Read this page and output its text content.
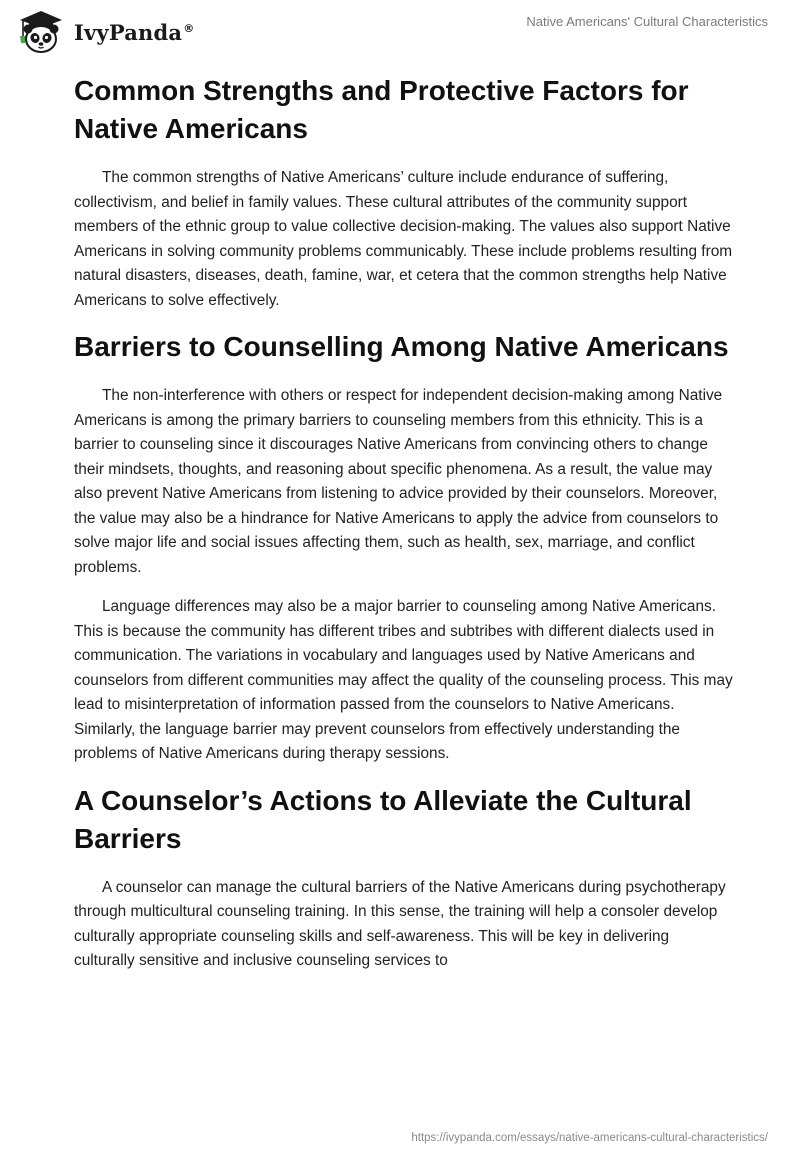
IvyPanda®	Native Americans' Cultural Characteristics
Common Strengths and Protective Factors for Native Americans

The common strengths of Native Americans’ culture include endurance of suffering, collectivism, and belief in family values. These cultural attributes of the community support members of the ethnic group to value collective decision-making. The values also support Native Americans in solving community problems communicably. These include problems resulting from natural disasters, diseases, death, famine, war, et cetera that the common strengths help Native Americans to solve effectively.

Barriers to Counselling Among Native Americans

The non-interference with others or respect for independent decision-making among Native Americans is among the primary barriers to counseling members from this ethnicity. This is a barrier to counseling since it discourages Native Americans from convincing others to change their mindsets, thoughts, and reasoning about specific phenomena. As a result, the value may also prevent Native Americans from listening to advice provided by their counselors. Moreover, the value may also be a hindrance for Native Americans to apply the advice from counselors to solve major life and social issues affecting them, such as health, sex, marriage, and conflict problems.

Language differences may also be a major barrier to counseling among Native Americans. This is because the community has different tribes and subtribes with different dialects used in communication. The variations in vocabulary and languages used by Native Americans and counselors from different communities may affect the quality of the counseling process. This may lead to misinterpretation of information passed from the counselors to Native Americans. Similarly, the language barrier may prevent counselors from effectively understanding the problems of Native Americans during therapy sessions.

A Counselor’s Actions to Alleviate the Cultural Barriers

A counselor can manage the cultural barriers of the Native Americans during psychotherapy through multicultural counseling training. In this sense, the training will help a consoler develop culturally appropriate counseling skills and self-awareness. This will be key in delivering culturally sensitive and inclusive counseling services to

https://ivypanda.com/essays/native-americans-cultural-characteristics/
